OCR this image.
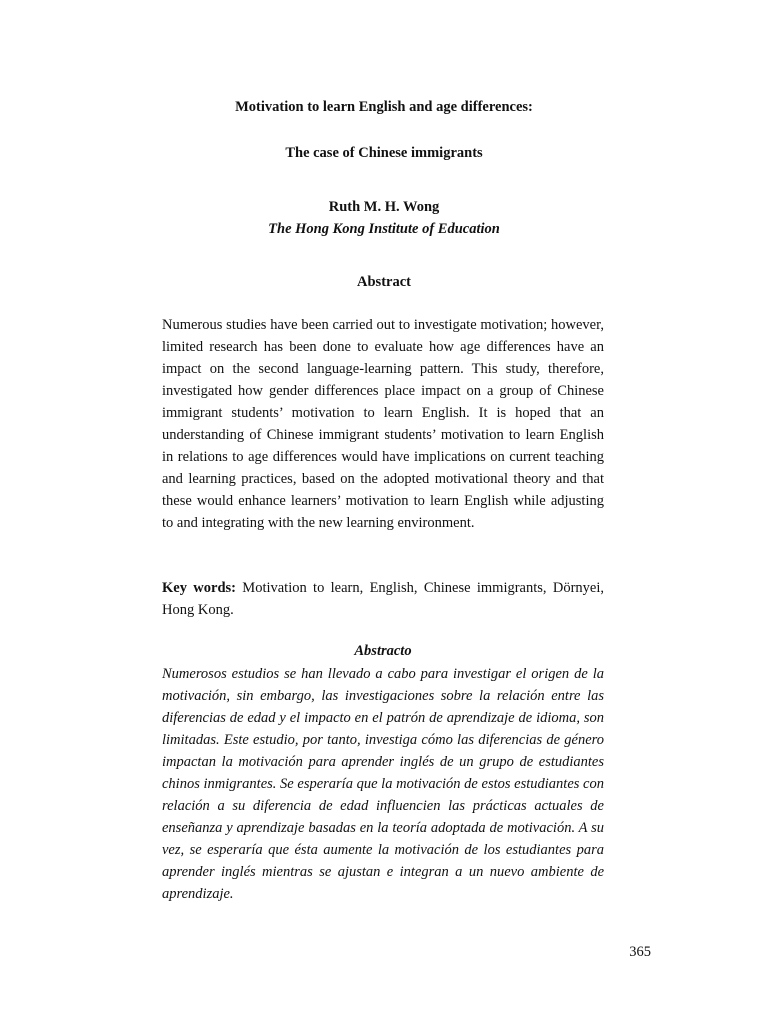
Motivation to learn English and age differences:
The case of Chinese immigrants
Ruth M. H. Wong
The Hong Kong Institute of Education
Abstract
Numerous studies have been carried out to investigate motivation; however, limited research has been done to evaluate how age differences have an impact on the second language-learning pattern. This study, therefore, investigated how gender differences place impact on a group of Chinese immigrant students’ motivation to learn English. It is hoped that an understanding of Chinese immigrant students’ motivation to learn English in relations to age differences would have implications on current teaching and learning practices, based on the adopted motivational theory and that these would enhance learners’ motivation to learn English while adjusting to and integrating with the new learning environment.
Key words: Motivation to learn, English, Chinese immigrants, Dörnyei, Hong Kong.
Abstracto
Numerosos estudios se han llevado a cabo para investigar el origen de la motivación, sin embargo, las investigaciones sobre la relación entre las diferencias de edad y el impacto en el patrón de aprendizaje de idioma, son limitadas. Este estudio, por tanto, investiga cómo las diferencias de género impactan la motivación para aprender inglés de un grupo de estudiantes chinos inmigrantes. Se esperaría que la motivación de estos estudiantes con relación a su diferencia de edad influencien las prácticas actuales de enseñanza y aprendizaje basadas en la teoría adoptada de motivación. A su vez, se esperaría que ésta aumente la motivación de los estudiantes para aprender inglés mientras se ajustan e integran a un nuevo ambiente de aprendizaje.
365
